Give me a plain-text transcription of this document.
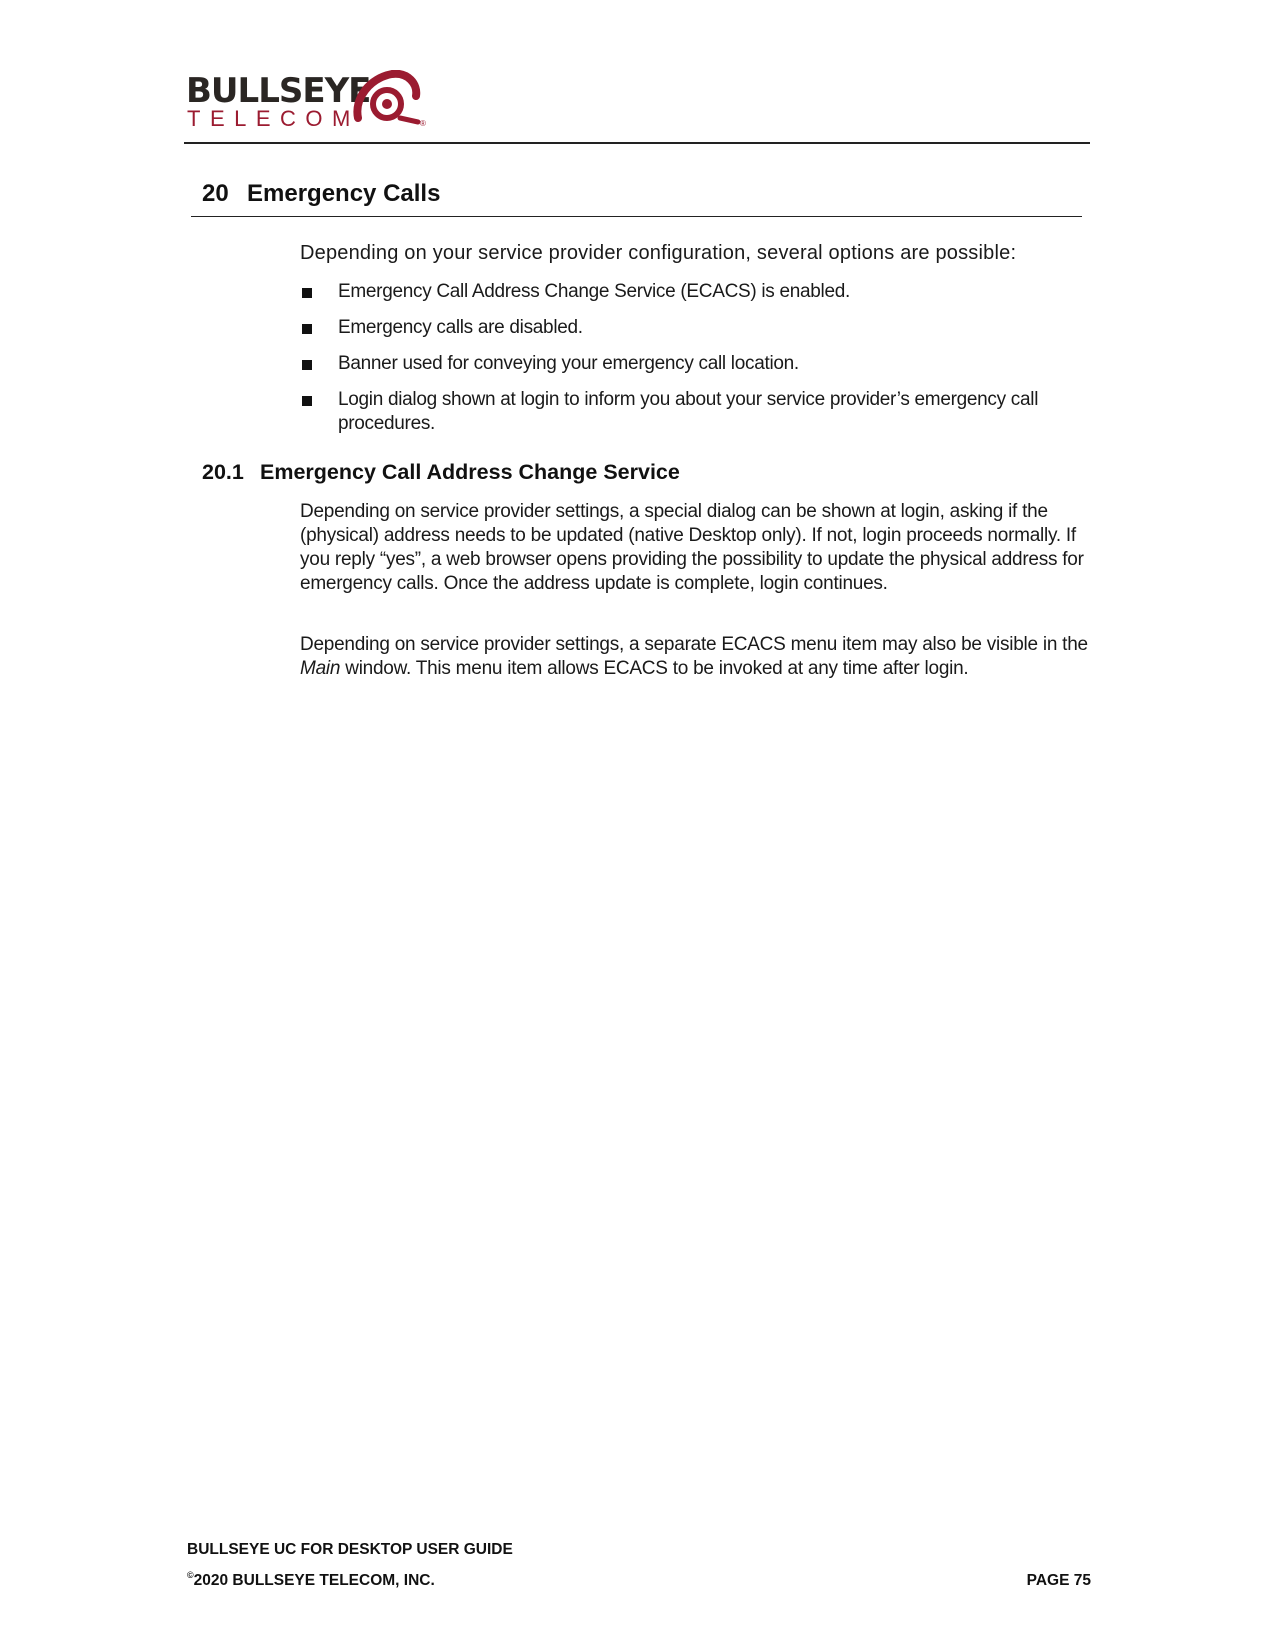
BULLSEYE
TELECOM	®
20 Emergency Calls

Depending on your service provider configuration, several options are possible:

Emergency Call Address Change Service (ECACS) is enabled.
Emergency calls are disabled.
Banner used for conveying your emergency call location.
Login dialog shown at login to inform you about your service provider’s emergency call procedures.
20.1 Emergency Call Address Change Service

Depending on service provider settings, a special dialog can be shown at login, asking if the (physical) address needs to be updated (native Desktop only). If not, login proceeds normally. If you reply “yes”, a web browser opens providing the possibility to update the physical address for emergency calls. Once the address update is complete, login continues.

Depending on service provider settings, a separate ECACS menu item may also be visible in the Main window. This menu item allows ECACS to be invoked at any time after login.

BULLSEYE UC FOR DESKTOP USER GUIDE

©2020 BULLSEYE TELECOM, INC.	PAGE 75
